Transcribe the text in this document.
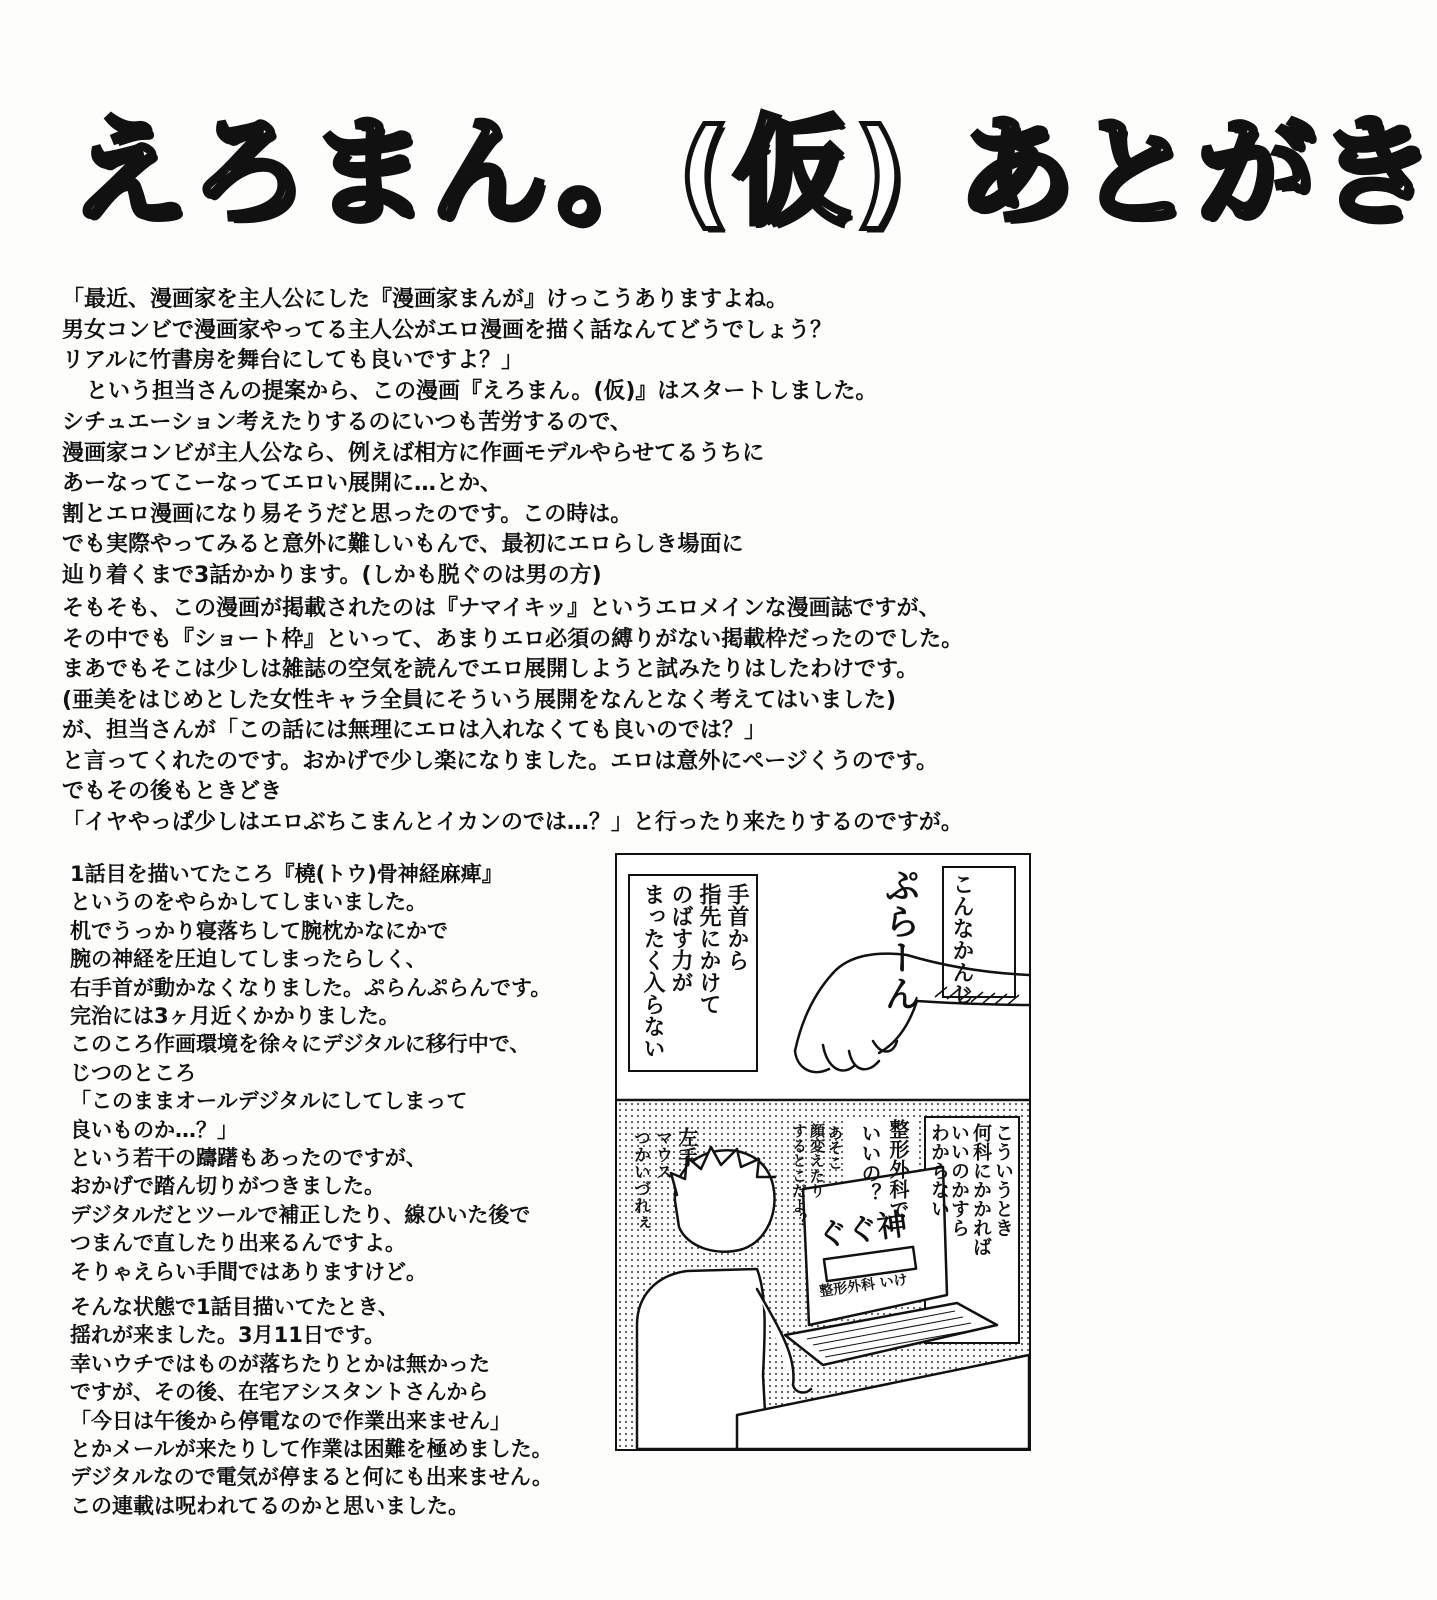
えろまん。(仮) あとがき
「最近、漫画家を主人公にした『漫画家まんが』けっこうありますよね。
男女コンビで漫画家やってる主人公がエロ漫画を描く話なんてどうでしょう？
リアルに竹書房を舞台にしても良いですよ？」
という担当さんの提案から、この漫画『えろまん。(仮)』はスタートしました。
シチュエーション考えたりするのにいつも苦労するので、
漫画家コンビが主人公なら、例えば相方に作画モデルやらせてるうちに
あーなってこーなってエロい展開に…とか、
割とエロ漫画になり易そうだと思ったのです。この時は。
でも実際やってみると意外に難しいもんで、最初にエロらしき場面に
辿り着くまで3話かかります。(しかも脱ぐのは男の方)
そもそも、この漫画が掲載されたのは『ナマイキッ』というエロメインな漫画誌ですが、
その中でも『ショート枠』といって、あまりエロ必須の縛りがない掲載枠だったのでした。
まあでもそこは少しは雑誌の空気を読んでエロ展開しようと試みたりはしたわけです。
(亜美をはじめとした女性キャラ全員にそういう展開をなんとなく考えてはいました)
が、担当さんが「この話には無理にエロは入れなくても良いのでは？」
と言ってくれたのです。おかげで少し楽になりました。エロは意外にページくうのです。
でもその後もときどき
「イヤやっぱ少しはエロぶちこまんとイカンのでは…？」と行ったり来たりするのですが。
1話目を描いてたころ『橈(トウ)骨神経麻痺』
というのをやらかしてしまいました。
机でうっかり寝落ちして腕枕かなにかで
腕の神経を圧迫してしまったらしく、
右手首が動かなくなりました。ぷらんぷらんです。
完治には3ヶ月近くかかりました。
このころ作画環境を徐々にデジタルに移行中で、
じつのところ
「このままオールデジタルにしてしまって
良いものか…？」
という若干の躊躇もあったのですが、
おかげで踏ん切りがつきました。
デジタルだとツールで補正したり、線ひいた後で
つまんで直したり出来るんですよ。
そりゃえらい手間ではありますけど。
そんな状態で1話目描いてたとき、
揺れが来ました。3月11日です。
幸いウチではものが落ちたりとかは無かった
ですが、その後、在宅アシスタントさんから
「今日は午後から停電なので作業出来ません」
とかメールが来たりして作業は困難を極めました。
デジタルなので電気が停まると何にも出来ません。
この連載は呪われてるのかと思いました。
こんなかんじ
ぷらーん
手首から
指先にかけて
のばす力が
まったく入らない
こういうとき
何科にかかれば
いいのかすら
わからない
整形外科で
いいの？
あそこ
顔変えたり
するとこだよ？
左手
マウス
つかいづれぇ	ぐぐ神
整形外科 いけ
